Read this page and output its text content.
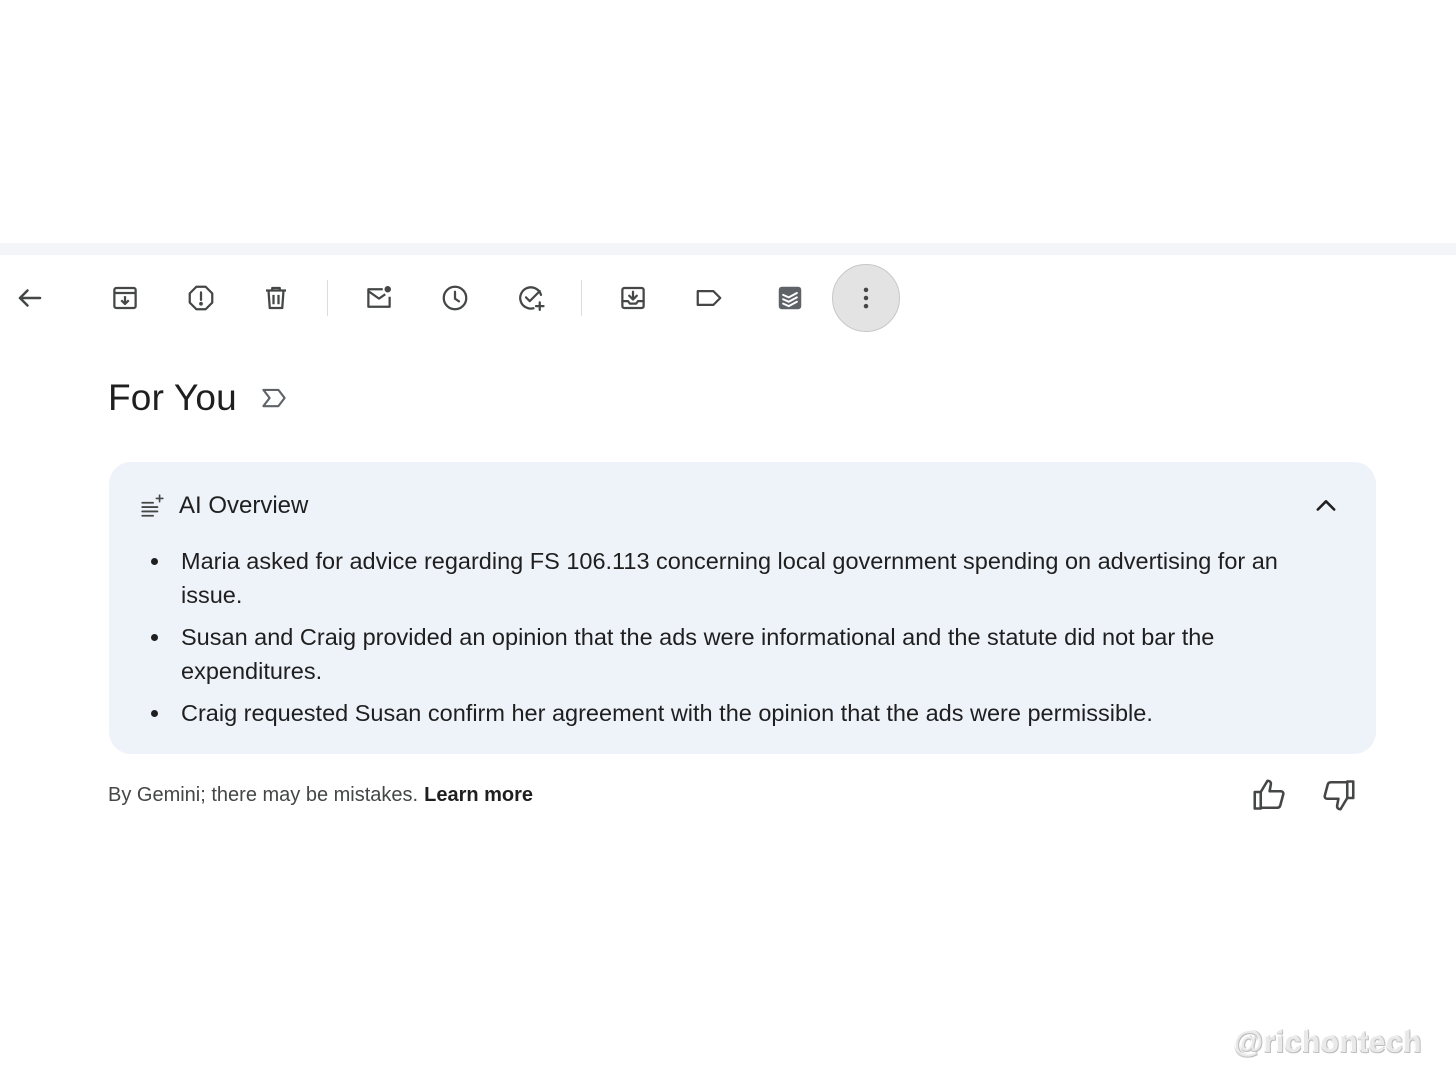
For You
AI Overview
Maria asked for advice regarding FS 106.113 concerning local government spending on advertising for an issue.
Susan and Craig provided an opinion that the ads were informational and the statute did not bar the expenditures.
Craig requested Susan confirm her agreement with the opinion that the ads were permissible.
By Gemini; there may be mistakes. Learn more
@richontech
